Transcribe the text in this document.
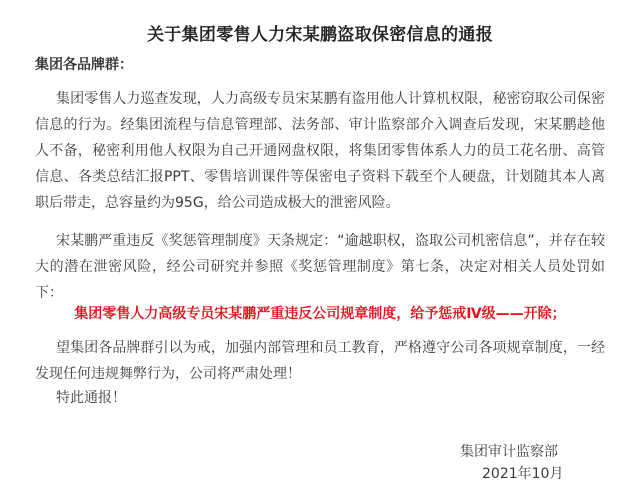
关于集团零售人力宋某鹏盗取保密信息的通报
集团各品牌群：
集团零售人力巡查发现，人力高级专员宋某鹏有盗用他人计算机权限，秘密窃取公司保密信息的行为。经集团流程与信息管理部、法务部、审计监察部介入调查后发现，宋某鹏趁他人不备，秘密利用他人权限为自己开通网盘权限，将集团零售体系人力的员工花名册、高管信息、各类总结汇报PPT、零售培训课件等保密电子资料下载至个人硬盘，计划随其本人离职后带走，总容量约为95G，给公司造成极大的泄密风险。
宋某鹏严重违反《奖惩管理制度》天条规定：“逾越职权，盗取公司机密信息”，并存在较大的潜在泄密风险，经公司研究并参照《奖惩管理制度》第七条，决定对相关人员处罚如下：
集团零售人力高级专员宋某鹏严重违反公司规章制度，给予惩戒Ⅳ级——开除；
望集团各品牌群引以为戒，加强内部管理和员工教育，严格遵守公司各项规章制度，一经发现任何违规舞弊行为，公司将严肃处理！
特此通报！
集团审计监察部
2021年10月
